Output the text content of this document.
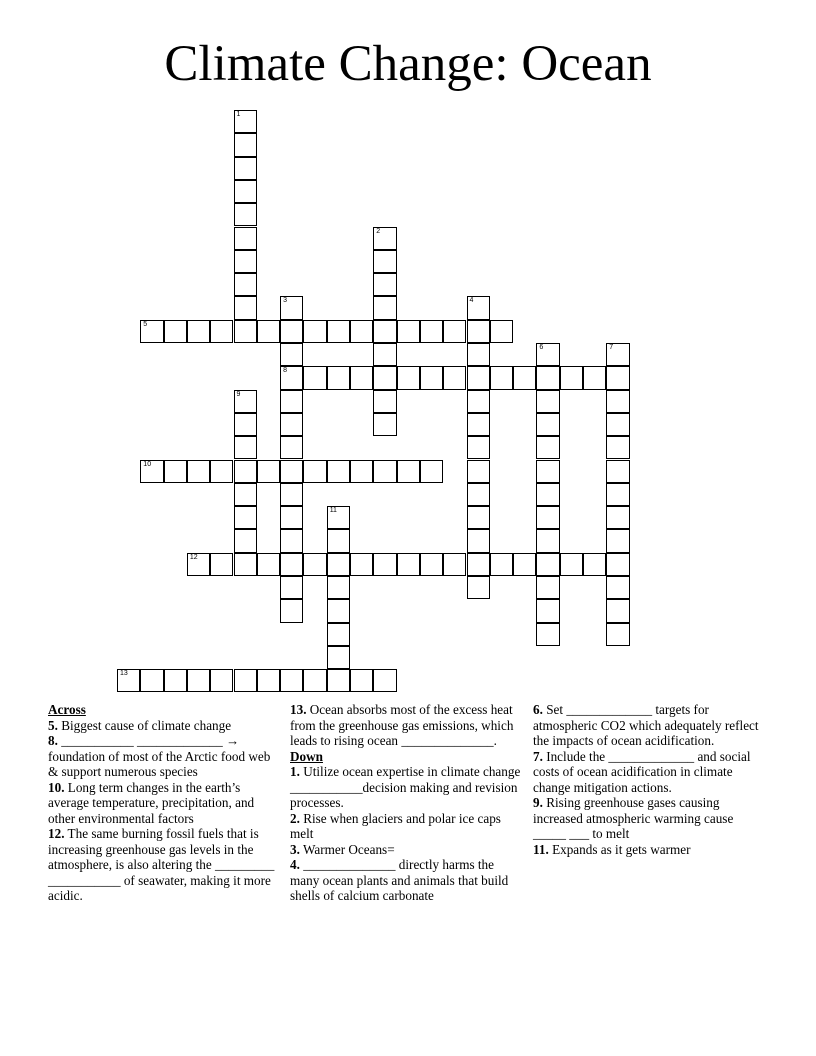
Climate Change: Ocean
1
2
3
8
4
5
6	7
9
10
11
12
13
Across
5. Biggest cause of climate change
8. ___________ _____________ → foundation of most of the Arctic food web & support numerous species
10. Long term changes in the earth’s average temperature, precipitation, and other environmental factors
12. The same burning fossil fuels that is increasing greenhouse gas levels in the atmosphere, is also altering the _________ ___________ of seawater, making it more acidic.
13. Ocean absorbs most of the excess heat from the greenhouse gas emissions, which leads to rising ocean ______________.
Down
1. Utilize ocean expertise in climate change ___________decision making and revision processes.
2. Rise when glaciers and polar ice caps melt
3. Warmer Oceans=
4. ______________ directly harms the many ocean plants and animals that build shells of calcium carbonate
6. Set _____________ targets for atmospheric CO2 which adequately reflect the impacts of ocean acidification.
7. Include the _____________ and social costs of ocean acidification in climate change mitigation actions.
9. Rising greenhouse gases causing increased atmospheric warming cause _____ ___ to melt
11. Expands as it gets warmer
